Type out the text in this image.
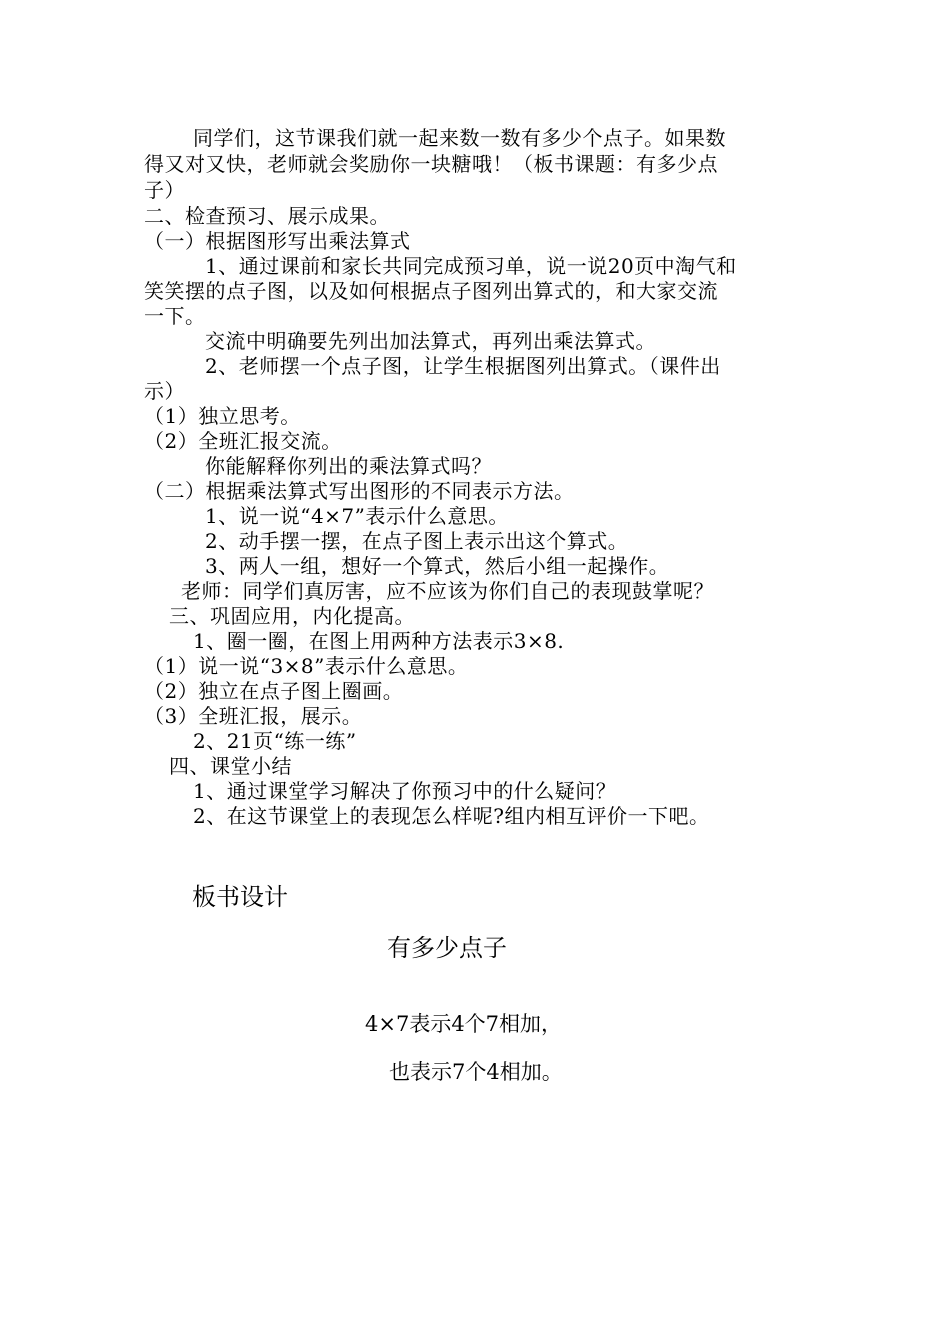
同学们，这节课我们就一起来数一数有多少个点子。如果数
得又对又快，老师就会奖励你一块糖哦！（板书课题：有多少点
子）
二、检查预习、展示成果。
（一）根据图形写出乘法算式
1、通过课前和家长共同完成预习单，说一说20页中淘气和
笑笑摆的点子图，以及如何根据点子图列出算式的，和大家交流
一下。
交流中明确要先列出加法算式，再列出乘法算式。
2、老师摆一个点子图，让学生根据图列出算式。（课件出
示）
（1）独立思考。
（2）全班汇报交流。
你能解释你列出的乘法算式吗？
（二）根据乘法算式写出图形的不同表示方法。
1、说一说“4×7”表示什么意思。
2、动手摆一摆，在点子图上表示出这个算式。
3、两人一组，想好一个算式，然后小组一起操作。
老师：同学们真厉害，应不应该为你们自己的表现鼓掌呢？
三、巩固应用，内化提高。
1、圈一圈，在图上用两种方法表示3×8.
（1）说一说“3×8”表示什么意思。
（2）独立在点子图上圈画。
（3）全班汇报，展示。
2、21页“练一练”
四、课堂小结
1、通过课堂学习解决了你预习中的什么疑问？
2、在这节课堂上的表现怎么样呢?组内相互评价一下吧。
板书设计
有多少点子
4×7表示4个7相加，
也表示7个4相加。
